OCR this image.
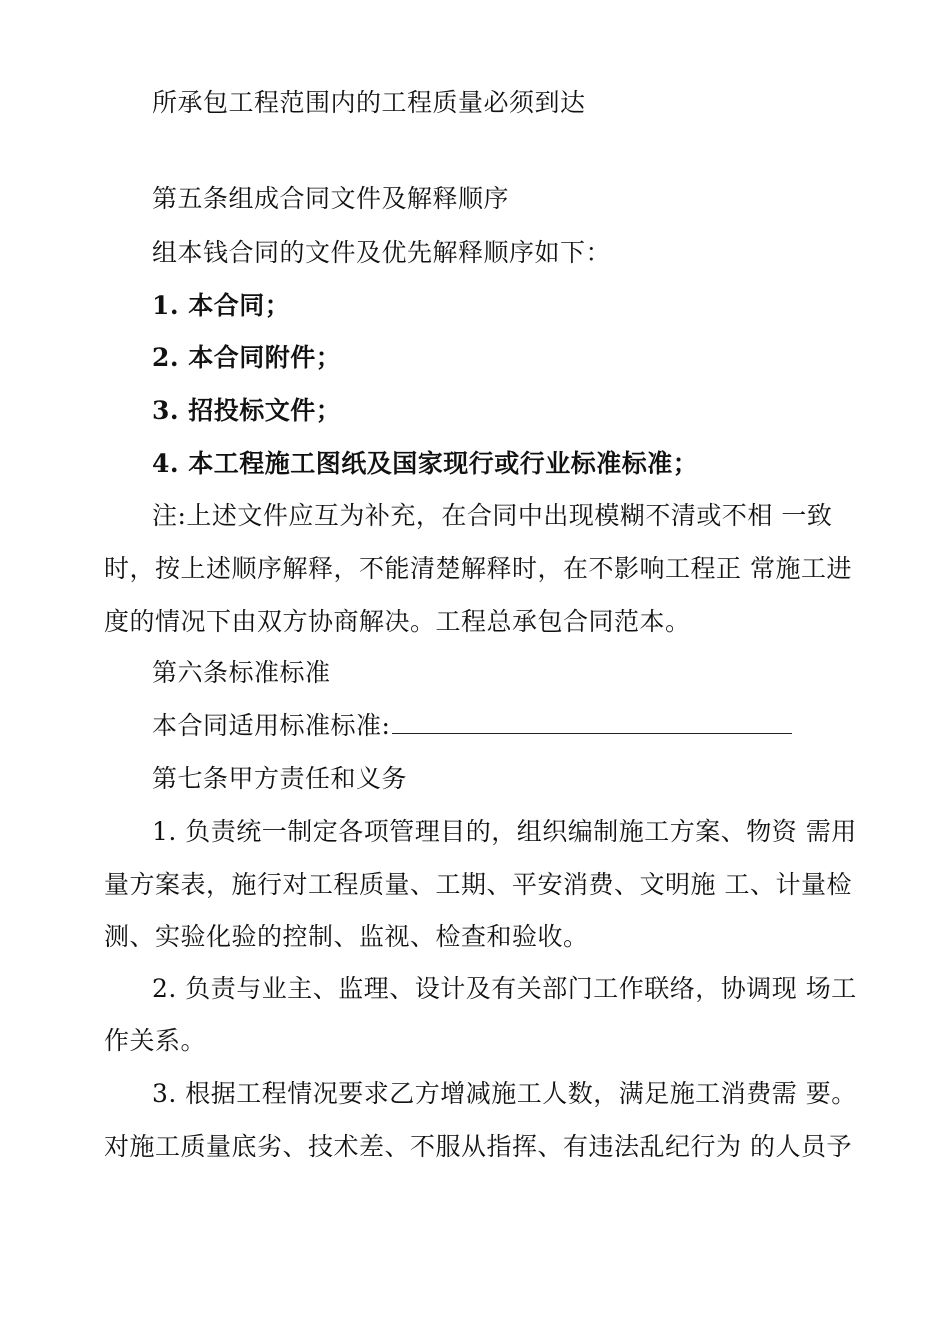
所承包工程范围内的工程质量必须到达
第五条组成合同文件及解释顺序
组本钱合同的文件及优先解释顺序如下：
1. 本合同；
2. 本合同附件；
3. 招投标文件；
4. 本工程施工图纸及国家现行或行业标准标准；
注:上述文件应互为补充，在合同中出现模糊不清或不相 一致
时，按上述顺序解释，不能清楚解释时，在不影响工程正 常施工进
度的情况下由双方协商解决。工程总承包合同范本。
第六条标准标准
本合同适用标准标准:
第七条甲方责任和义务
1. 负责统一制定各项管理目的，组织编制施工方案、物资 需用
量方案表，施行对工程质量、工期、平安消费、文明施 工、计量检
测、实验化验的控制、监视、检查和验收。
2. 负责与业主、监理、设计及有关部门工作联络，协调现 场工
作关系。
3. 根据工程情况要求乙方增减施工人数，满足施工消费需 要。
对施工质量底劣、技术差、不服从指挥、有违法乱纪行为 的人员予
